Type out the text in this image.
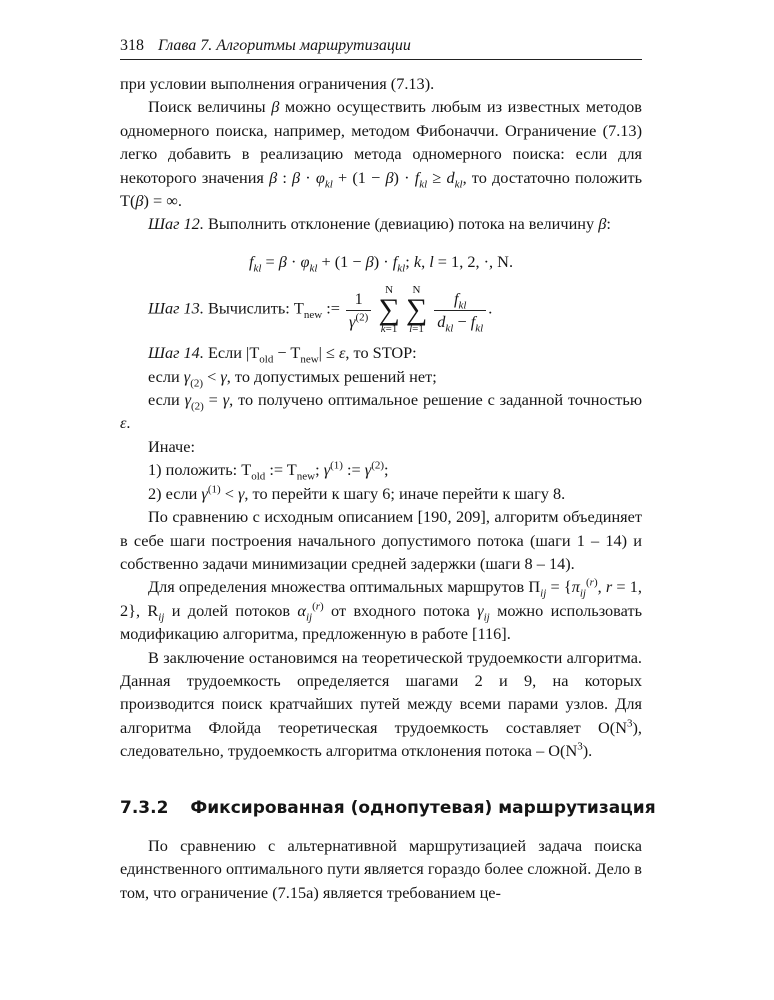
318 Глава 7. Алгоритмы маршрутизации

при условии выполнения ограничения (7.13).

Поиск величины β можно осуществить любым из известных методов одномерного поиска, например, методом Фибоначчи. Ограничение (7.13) легко добавить в реализацию метода одномерного поиска: если для некоторого значения β : $\beta \cdot \varphi_{kl} + (1 - \beta) \cdot f_{kl} \ge d_{kl}$, то достаточно положить T(β) = ∞.

Шаг 12. Выполнить отклонение (девиацию) потока на величину β:

$f_{kl} = \beta \cdot \varphi_{kl} + (1 - \beta) \cdot f_{kl}$; k, l = 1, 2, ·, N.
Шаг 13. Вычислить: $T_{new}$ := $\frac{1}{\gamma^{(2)}}$
	N
∑
k=1

N
∑
l=1
$\frac{f_{kl}}{d_{kl} - f_{kl}}$ .

Шаг 14. Если $|T_{old} - T_{new}| \le \varepsilon$, то STOP:

если $\gamma_{(2)} < \gamma$, то допустимых решений нет;

если $\gamma_{(2)} = \gamma$, то получено оптимальное решение с заданной точностью ε.

Иначе:

1) положить: $T_{old}$ := $T_{new}$; $\gamma^{(1)}$ := $\gamma^{(2)}$;

2) если $\gamma^{(1)} < \gamma$, то перейти к шагу 6; иначе перейти к шагу 8.

По сравнению с исходным описанием [190, 209], алгоритм объединяет в себе шаги построения начального допустимого потока (шаги 1 – 14) и собственно задачи минимизации средней задержки (шаги 8 – 14).

Для определения множества оптимальных маршрутов $\Pi_{ij} = \{\pi_{ij}^{(r)}$, r = 1, 2}, $R_{ij}$ и долей потоков $\alpha_{ij}^{(r)}$ от входного потока $\gamma_{ij}$ можно использовать модификацию алгоритма, предложенную в работе [116].

В заключение остановимся на теоретической трудоемкости алгоритма. Данная трудоемкость определяется шагами 2 и 9, на которых производится поиск кратчайших путей между всеми парами узлов. Для алгоритма Флойда теоретическая трудоемкость составляет $O(N^3)$, следовательно, трудоемкость алгоритма отклонения потока – $O(N^3)$.

7.3.2 Фиксированная (однопутевая) маршрутизация

По сравнению с альтернативной маршрутизацией задача поиска единственного оптимального пути является гораздо более сложной. Дело в том, что ограничение (7.15а) является требованием це-
